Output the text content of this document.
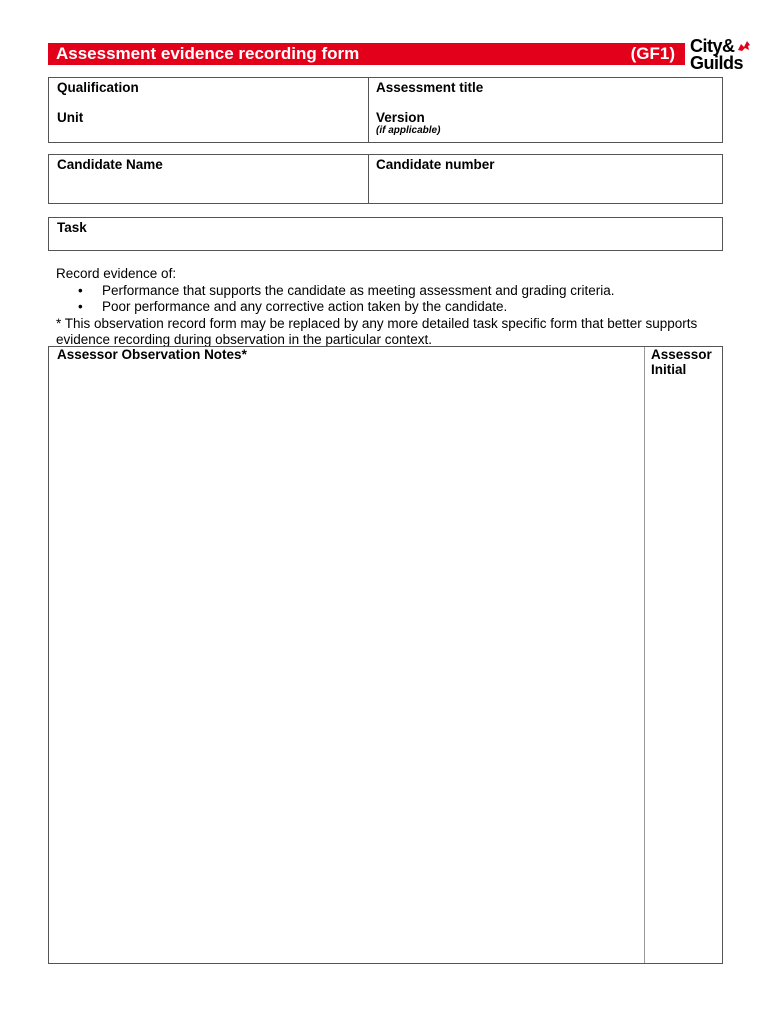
Assessment evidence recording form	(GF1) City&
Guilds
Qualification	Assessment title
Unit	Version
(if applicable)
Candidate Name	Candidate number
Task

Record evidence of:

• Performance that supports the candidate as meeting assessment and grading criteria.
• Poor performance and any corrective action taken by the candidate.

* This observation record form may be replaced by any more detailed task specific form that better supports evidence recording during observation in the particular context.

Assessor Observation Notes*	Assessor
Initial
